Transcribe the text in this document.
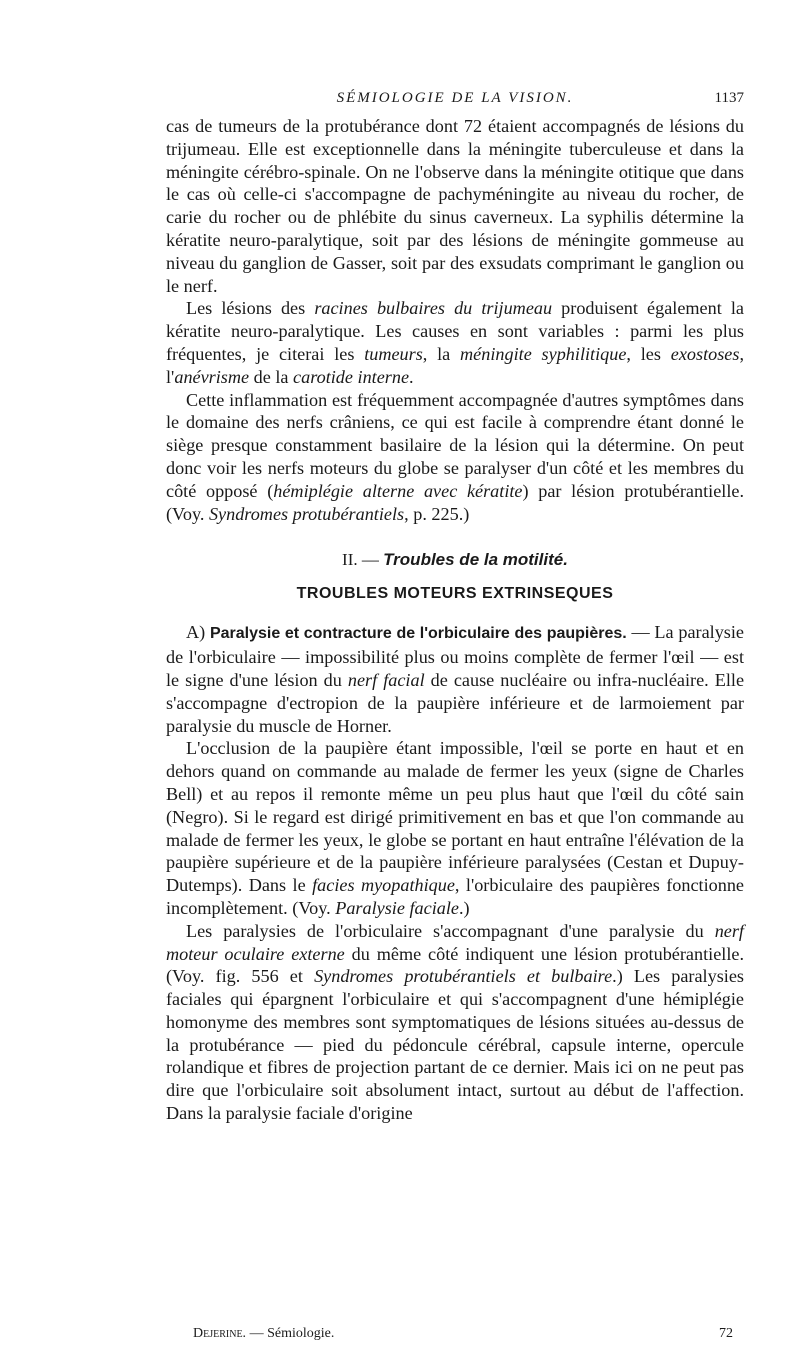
SÉMIOLOGIE DE LA VISION.	1137

cas de tumeurs de la protubérance dont 72 étaient accompagnés de lésions du trijumeau. Elle est exceptionnelle dans la méningite tuberculeuse et dans la méningite cérébro-spinale. On ne l'observe dans la méningite otitique que dans le cas où celle-ci s'accompagne de pachyméningite au niveau du rocher, de carie du rocher ou de phlébite du sinus caverneux. La syphilis détermine la kératite neuro-paralytique, soit par des lésions de méningite gommeuse au niveau du ganglion de Gasser, soit par des exsudats comprimant le ganglion ou le nerf.

Les lésions des racines bulbaires du trijumeau produisent également la kératite neuro-paralytique. Les causes en sont variables : parmi les plus fréquentes, je citerai les tumeurs, la méningite syphilitique, les exostoses, l'anévrisme de la carotide interne.

Cette inflammation est fréquemment accompagnée d'autres symptômes dans le domaine des nerfs crâniens, ce qui est facile à comprendre étant donné le siège presque constamment basilaire de la lésion qui la détermine. On peut donc voir les nerfs moteurs du globe se paralyser d'un côté et les membres du côté opposé (hémiplégie alterne avec kératite) par lésion protubérantielle. (Voy. Syndromes protubérantiels, p. 225.)

II. — Troubles de la motilité.
TROUBLES MOTEURS EXTRINSEQUES

A) Paralysie et contracture de l'orbiculaire des paupières. — La paralysie de l'orbiculaire — impossibilité plus ou moins complète de fermer l'œil — est le signe d'une lésion du nerf facial de cause nucléaire ou infra-nucléaire. Elle s'accompagne d'ectropion de la paupière inférieure et de larmoiement par paralysie du muscle de Horner.

L'occlusion de la paupière étant impossible, l'œil se porte en haut et en dehors quand on commande au malade de fermer les yeux (signe de Charles Bell) et au repos il remonte même un peu plus haut que l'œil du côté sain (Negro). Si le regard est dirigé primitivement en bas et que l'on commande au malade de fermer les yeux, le globe se portant en haut entraîne l'élévation de la paupière supérieure et de la paupière inférieure paralysées (Cestan et Dupuy-Dutemps). Dans le facies myopathique, l'orbiculaire des paupières fonctionne incomplètement. (Voy. Paralysie faciale.)

Les paralysies de l'orbiculaire s'accompagnant d'une paralysie du nerf moteur oculaire externe du même côté indiquent une lésion protubérantielle. (Voy. fig. 556 et Syndromes protubérantiels et bulbaire.) Les paralysies faciales qui épargnent l'orbiculaire et qui s'accompagnent d'une hémiplégie homonyme des membres sont symptomatiques de lésions situées au-dessus de la protubérance — pied du pédoncule cérébral, capsule interne, opercule rolandique et fibres de projection partant de ce dernier. Mais ici on ne peut pas dire que l'orbiculaire soit absolument intact, surtout au début de l'affection. Dans la paralysie faciale d'origine

Dejerine. — Sémiologie.	72
